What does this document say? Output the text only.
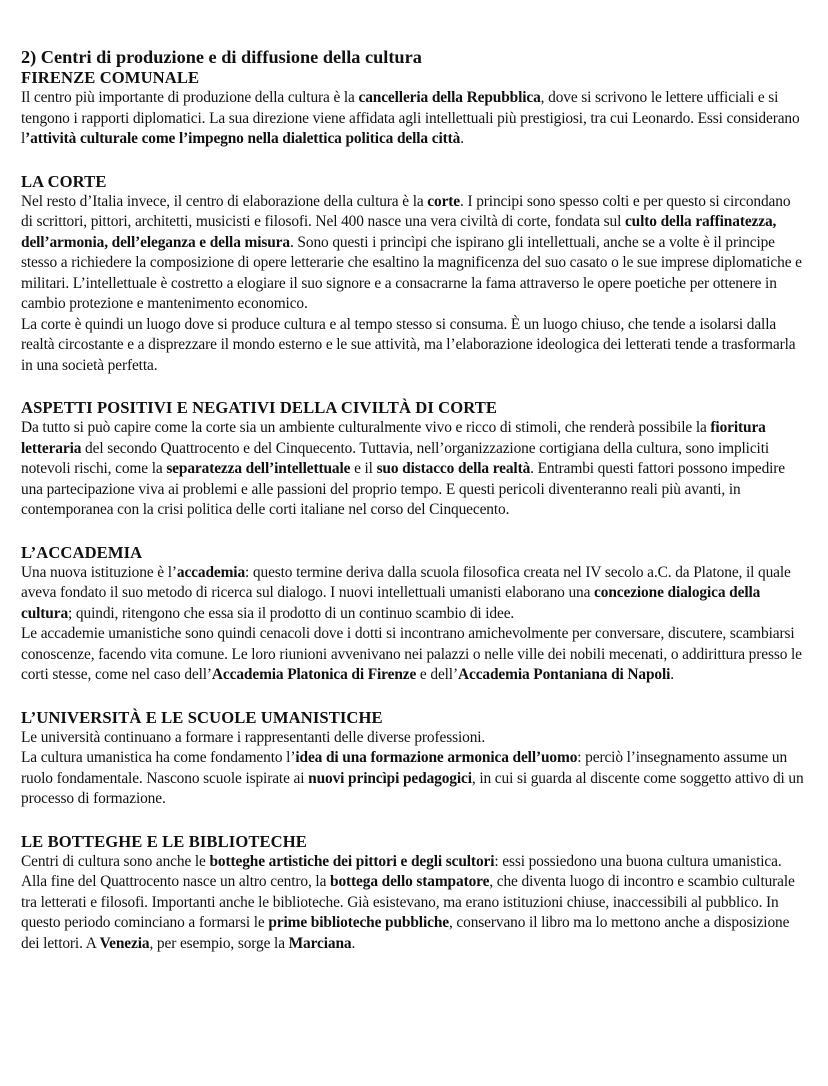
2) Centri di produzione e di diffusione della cultura
FIRENZE COMUNALE

Il centro più importante di produzione della cultura è la cancelleria della Repubblica, dove si scrivono le lettere ufficiali e si tengono i rapporti diplomatici. La sua direzione viene affidata agli intellettuali più prestigiosi, tra cui Leonardo. Essi considerano l’attività culturale come l’impegno nella dialettica politica della città.

LA CORTE

Nel resto d’Italia invece, il centro di elaborazione della cultura è la corte. I principi sono spesso colti e per questo si circondano di scrittori, pittori, architetti, musicisti e filosofi. Nel 400 nasce una vera civiltà di corte, fondata sul culto della raffinatezza, dell’armonia, dell’eleganza e della misura. Sono questi i princìpi che ispirano gli intellettuali, anche se a volte è il principe stesso a richiedere la composizione di opere letterarie che esaltino la magnificenza del suo casato o le sue imprese diplomatiche e militari. L’intellettuale è costretto a elogiare il suo signore e a consacrarne la fama attraverso le opere poetiche per ottenere in cambio protezione e mantenimento economico.

La corte è quindi un luogo dove si produce cultura e al tempo stesso si consuma. È un luogo chiuso, che tende a isolarsi dalla realtà circostante e a disprezzare il mondo esterno e le sue attività, ma l’elaborazione ideologica dei letterati tende a trasformarla in una società perfetta.

ASPETTI POSITIVI E NEGATIVI DELLA CIVILTÀ DI CORTE

Da tutto si può capire come la corte sia un ambiente culturalmente vivo e ricco di stimoli, che renderà possibile la fioritura letteraria del secondo Quattrocento e del Cinquecento. Tuttavia, nell’organizzazione cortigiana della cultura, sono impliciti notevoli rischi, come la separatezza dell’intellettuale e il suo distacco della realtà. Entrambi questi fattori possono impedire una partecipazione viva ai problemi e alle passioni del proprio tempo. E questi pericoli diventeranno reali più avanti, in contemporanea con la crisi politica delle corti italiane nel corso del Cinquecento.

L’ACCADEMIA

Una nuova istituzione è l’accademia: questo termine deriva dalla scuola filosofica creata nel IV secolo a.C. da Platone, il quale aveva fondato il suo metodo di ricerca sul dialogo. I nuovi intellettuali umanisti elaborano una concezione dialogica della cultura; quindi, ritengono che essa sia il prodotto di un continuo scambio di idee.

Le accademie umanistiche sono quindi cenacoli dove i dotti si incontrano amichevolmente per conversare, discutere, scambiarsi conoscenze, facendo vita comune. Le loro riunioni avvenivano nei palazzi o nelle ville dei nobili mecenati, o addirittura presso le corti stesse, come nel caso dell’Accademia Platonica di Firenze e dell’Accademia Pontaniana di Napoli.

L’UNIVERSITÀ E LE SCUOLE UMANISTICHE

Le università continuano a formare i rappresentanti delle diverse professioni.

La cultura umanistica ha come fondamento l’idea di una formazione armonica dell’uomo: perciò l’insegnamento assume un ruolo fondamentale. Nascono scuole ispirate ai nuovi princìpi pedagogici, in cui si guarda al discente come soggetto attivo di un processo di formazione.

LE BOTTEGHE E LE BIBLIOTECHE

Centri di cultura sono anche le botteghe artistiche dei pittori e degli scultori: essi possiedono una buona cultura umanistica. Alla fine del Quattrocento nasce un altro centro, la bottega dello stampatore, che diventa luogo di incontro e scambio culturale tra letterati e filosofi. Importanti anche le biblioteche. Già esistevano, ma erano istituzioni chiuse, inaccessibili al pubblico. In questo periodo cominciano a formarsi le prime biblioteche pubbliche, conservano il libro ma lo mettono anche a disposizione dei lettori. A Venezia, per esempio, sorge la Marciana.
